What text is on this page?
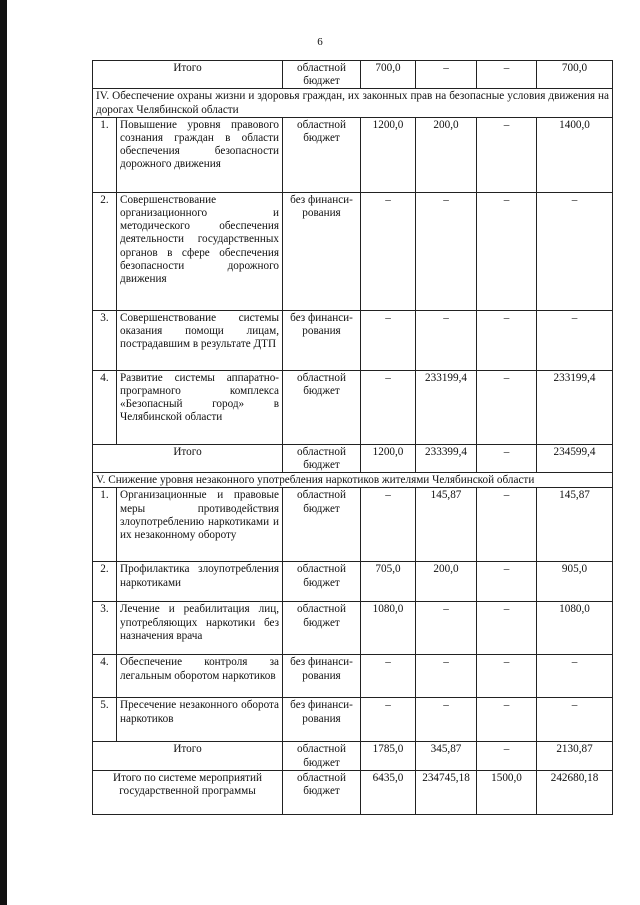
6
Итого		областной бюджет	700,0	–	–	700,0
IV. Обеспечение охраны жизни и здоровья граждан, их законных прав на безопасные условия движения на дорогах Челябинской области						
1.	Повышение уровня правового сознания граждан в области обеспечения безопасности дорожного движения	областной бюджет	1200,0	200,0	–	1400,0
2.	Совершенствование организационного и методического обеспечения деятельности государственных органов в сфере обеспечения безопасности дорожного движения	без финанси-рования	–	–	–	–
3.	Совершенствование системы оказания помощи лицам, пострадавшим в результате ДТП	без финанси-рования	–	–	–	–
4.	Развитие системы аппаратно-програмного комплекса «Безопасный город» в Челябинской области	областной бюджет	–	233199,4	–	233199,4
Итого		областной бюджет	1200,0	233399,4	–	234599,4
V. Снижение уровня незаконного употребления наркотиков жителями Челябинской области						
1.	Организационные и правовые меры противодействия злоупотреблению наркотиками и их незаконному обороту	областной бюджет	–	145,87	–	145,87
2.	Профилактика злоупотребления наркотиками	областной бюджет	705,0	200,0	–	905,0
3.	Лечение и реабилитация лиц, употребляющих наркотики без назначения врача	областной бюджет	1080,0	–	–	1080,0
4.	Обеспечение контроля за легальным оборотом наркотиков	без финанси-рования	–	–	–	–
5.	Пресечение незаконного оборота наркотиков	без финанси-рования	–	–	–	–
Итого		областной бюджет	1785,0	345,87	–	2130,87
Итого по системе мероприятий государственной программы		областной бюджет	6435,0	234745,18	1500,0	242680,18
